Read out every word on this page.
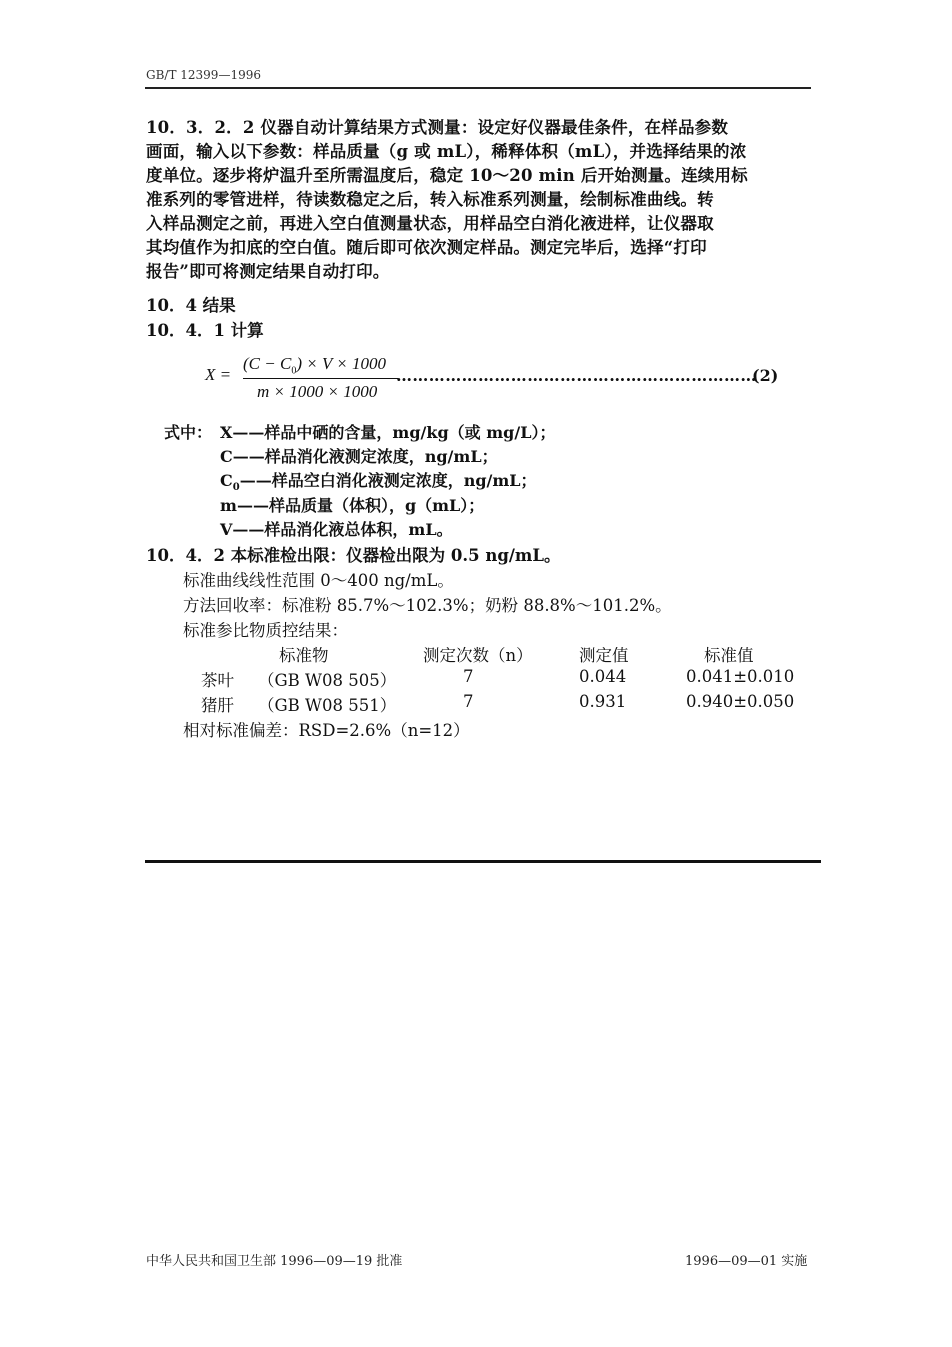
GB/T 12399—1996
10．3．2．2 仪器自动计算结果方式测量：设定好仪器最佳条件，在样品参数
画面，输入以下参数：样品质量（g 或 mL），稀释体积（mL），并选择结果的浓
度单位。逐步将炉温升至所需温度后，稳定 10～20 min 后开始测量。连续用标
准系列的零管进样，待读数稳定之后，转入标准系列测量，绘制标准曲线。转
入样品测定之前，再进入空白值测量状态，用样品空白消化液进样，让仪器取
其均值作为扣底的空白值。随后即可依次测定样品。测定完毕后，选择“打印
报告”即可将测定结果自动打印。
10．4 结果
10．4．1 计算
X =
$(C - C_0) \times V \times 1000$
m × 1000 × 1000
…………………………………………………………
(2)
式中： X——样品中硒的含量，mg/kg（或 mg/L）；
C——样品消化液测定浓度，ng/mL；
$C_0——$样品空白消化液测定浓度，ng/mL；
m——样品质量（体积），g（mL）；
V——样品消化液总体积，mL。
10．4．2 本标准检出限：仪器检出限为 0.5 ng/mL。
标准曲线线性范围 0～400 ng/mL。
方法回收率：标准粉 85.7%～102.3%；奶粉 88.8%～101.2%。
标准参比物质控结果：
标准物	测定次数（n）	测定值	标准值
茶叶 （GB W08 505）	7	0.044	0.041±0.010
猪肝 （GB W08 551）	7	0.931	0.940±0.050
相对标准偏差：RSD=2.6%（n=12）
中华人民共和国卫生部 1996—09—19 批准	1996—09—01 实施
